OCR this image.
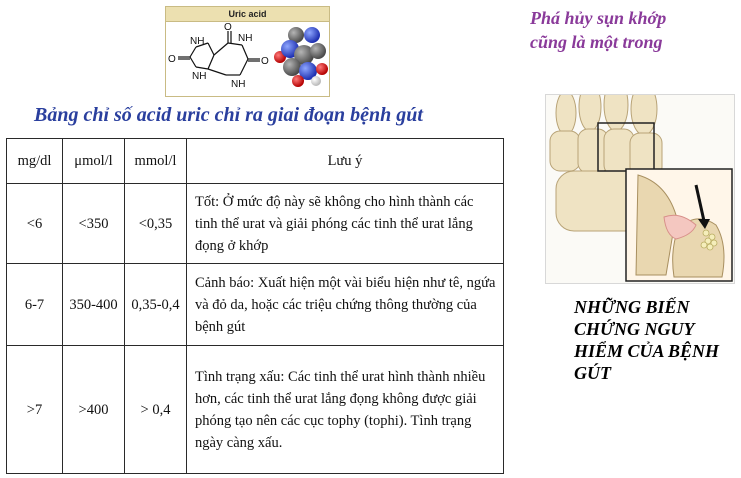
Uric acid
O
O	O
NH
NH
NH
NH
Bảng chỉ số acid uric chỉ ra giai đoạn bệnh gút
mg/dl	μmol/l	mmol/l	Lưu ý
<6	<350	<0,35	Tốt: Ở mức độ này sẽ không cho hình thành các tinh thể urat và giải phóng các tinh thể urat lắng đọng ở khớp
6-7	350-400	0,35-0,4	Cảnh báo: Xuất hiện một vài biểu hiện như tê, ngứa và đỏ da, hoặc các triệu chứng thông thường của bệnh gút
>7	>400	> 0,4	Tình trạng xấu: Các tinh thể urat hình thành nhiều hơn, các tinh thể urat lắng đọng không được giải phóng tạo nên các cục tophy (tophi). Tình trạng ngày càng xấu.
Phá hủy sụn khớp cũng là một trong
NHỮNG BIẾN CHỨNG NGUY HIỂM CỦA BỆNH GÚT
